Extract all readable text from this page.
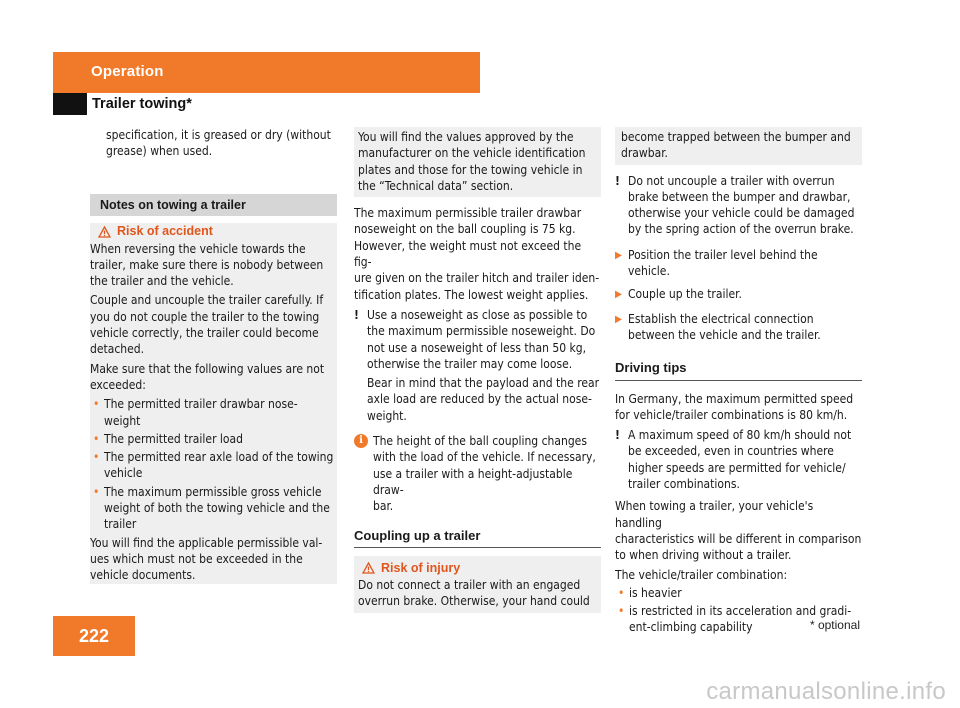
Operation
Trailer towing*

specification, it is greased or dry (without
grease) when used.

Notes on towing a trailer
Risk of accident

When reversing the vehicle towards the
trailer, make sure there is nobody between
the trailer and the vehicle.

Couple and uncouple the trailer carefully. If
you do not couple the trailer to the towing
vehicle correctly, the trailer could become
detached.

Make sure that the following values are not
exceeded:

• The permitted trailer drawbar nose-
weight
• The permitted trailer load
• The permitted rear axle load of the towing
vehicle
• The maximum permissible gross vehicle
weight of both the towing vehicle and the
trailer

You will find the applicable permissible val-
ues which must not be exceeded in the
vehicle documents.

You will find the values approved by the
manufacturer on the vehicle identification
plates and those for the towing vehicle in
the “Technical data” section.

The maximum permissible trailer drawbar
noseweight on the ball coupling is 75 kg.
However, the weight must not exceed the fig-
ure given on the trailer hitch and trailer iden-
tification plates. The lowest weight applies.

! Use a noseweight as close as possible to
the maximum permissible noseweight. Do
not use a noseweight of less than 50 kg,
otherwise the trailer may come loose.

Bear in mind that the payload and the rear
axle load are reduced by the actual nose-
weight.

i The height of the ball coupling changes
with the load of the vehicle. If necessary,
use a trailer with a height-adjustable draw-
bar.

Coupling up a trailer
Risk of injury

Do not connect a trailer with an engaged
overrun brake. Otherwise, your hand could

become trapped between the bumper and
drawbar.

! Do not uncouple a trailer with overrun
brake between the bumper and drawbar,
otherwise your vehicle could be damaged
by the spring action of the overrun brake.

▶ Position the trailer level behind the vehicle.

▶ Couple up the trailer.

▶ Establish the electrical connection
between the vehicle and the trailer.

Driving tips

In Germany, the maximum permitted speed
for vehicle/trailer combinations is 80 km/h.

! A maximum speed of 80 km/h should not
be exceeded, even in countries where
higher speeds are permitted for vehicle/
trailer combinations.

When towing a trailer, your vehicle's handling
characteristics will be different in comparison
to when driving without a trailer.

The vehicle/trailer combination:

• is heavier
• is restricted in its acceleration and gradi-
ent-climbing capability
222
* optional
carmanualsonline.info
